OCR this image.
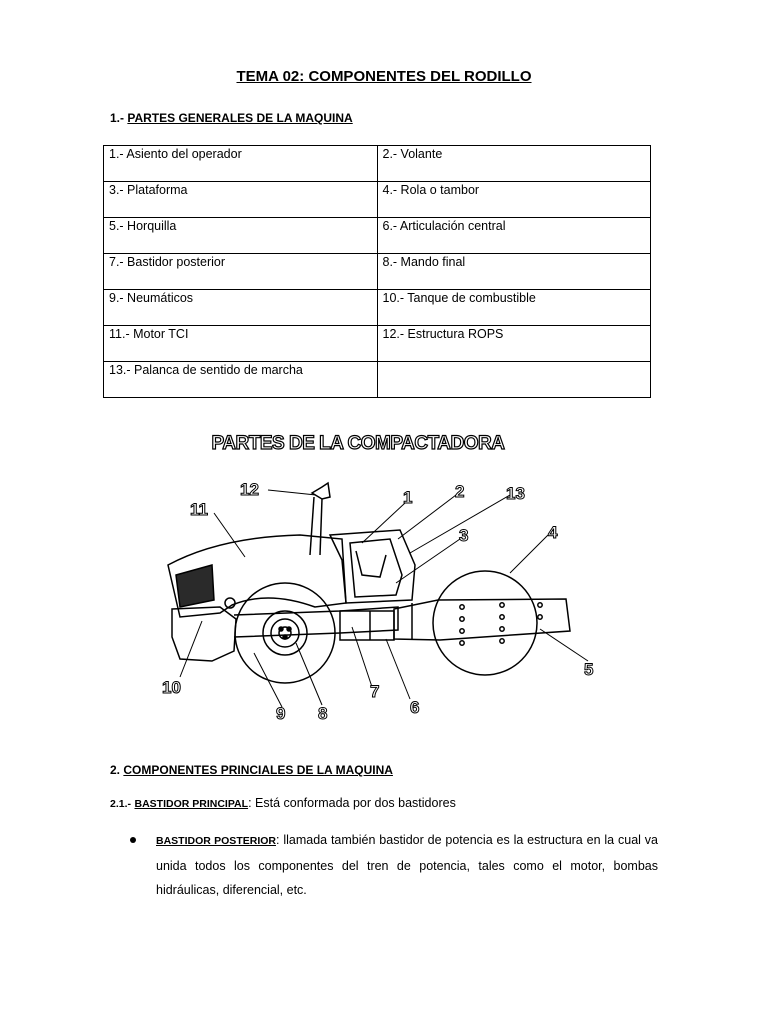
TEMA 02: COMPONENTES DEL RODILLO
1.- PARTES GENERALES DE LA MAQUINA
1.- Asiento del operador	2.- Volante
3.- Plataforma	4.- Rola o tambor
5.- Horquilla	6.- Articulación central
7.- Bastidor posterior	8.- Mando final
9.- Neumáticos	10.- Tanque de combustible
11.- Motor TCI	12.- Estructura ROPS
13.- Palanca de sentido de marcha	
PARTES DE LA COMPACTADORA
1	2
3	4
5
6
7
8
9
10
11
12	13
2. COMPONENTES PRINCIALES DE LA MAQUINA
2.1.- BASTIDOR PRINCIPAL: Está conformada por dos bastidores
BASTIDOR POSTERIOR: llamada también bastidor de potencia es la estructura en la cual va unida todos los componentes del tren de potencia, tales como el motor, bombas hidráulicas, diferencial, etc.
